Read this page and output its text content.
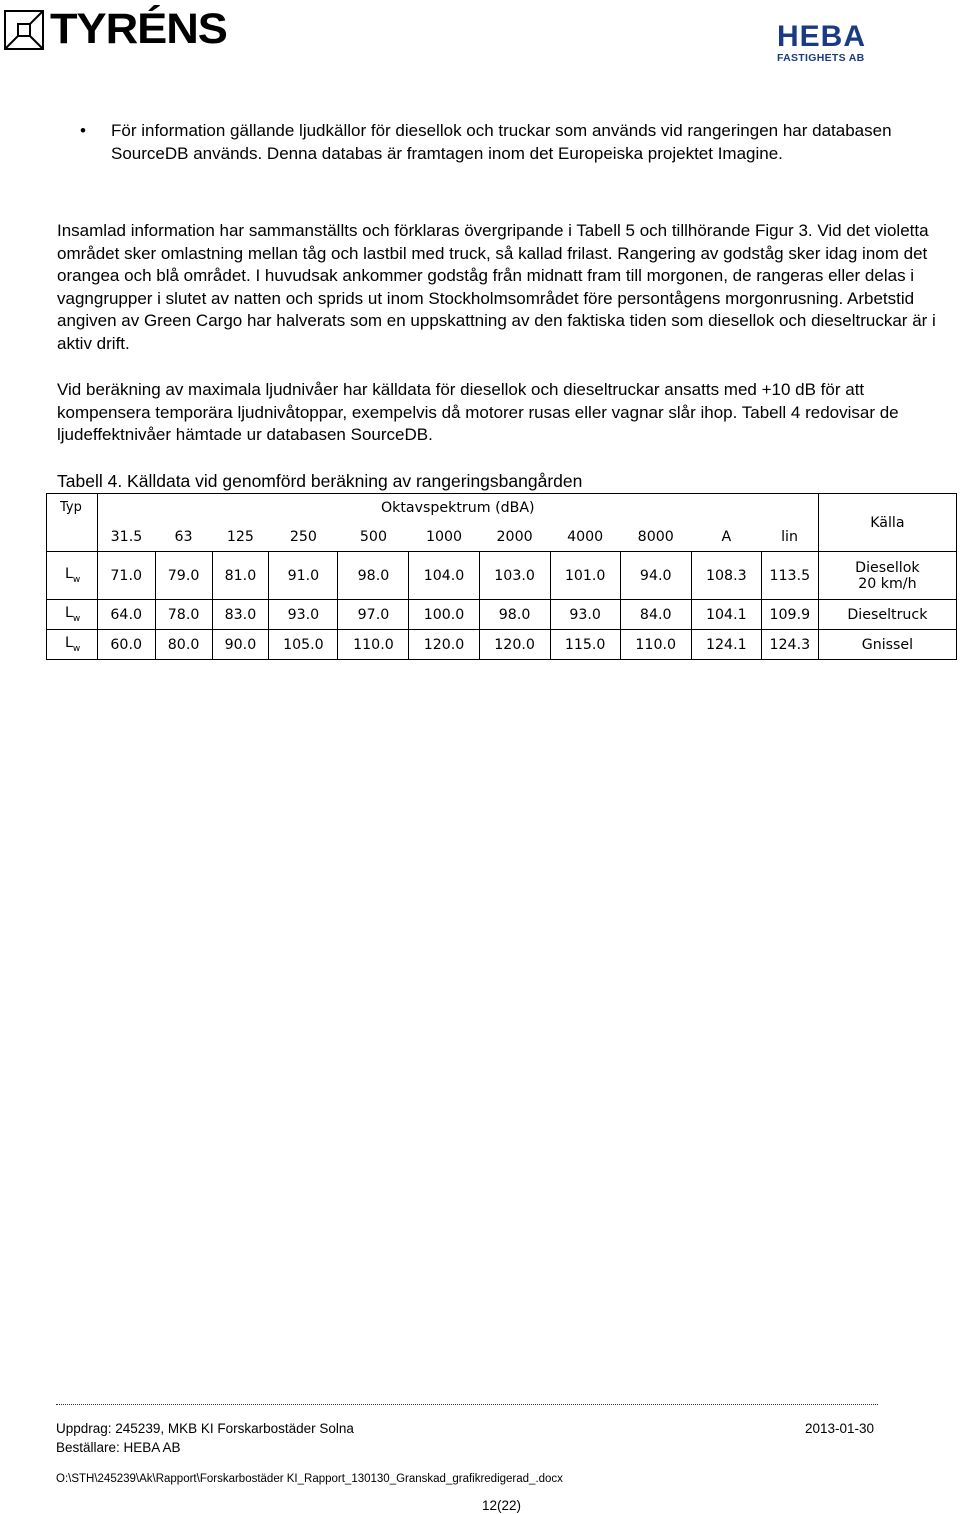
TYRÉNS	HEBA
FASTIGHETS AB
• För information gällande ljudkällor för diesellok och truckar som används vid rangeringen har databasen SourceDB används. Denna databas är framtagen inom det Europeiska projektet Imagine.
Insamlad information har sammanställts och förklaras övergripande i Tabell 5 och tillhörande Figur 3. Vid det violetta området sker omlastning mellan tåg och lastbil med truck, så kallad frilast. Rangering av godståg sker idag inom det orangea och blå området. I huvudsak ankommer godståg från midnatt fram till morgonen, de rangeras eller delas i vagngrupper i slutet av natten och sprids ut inom Stockholmsområdet före persontågens morgonrusning. Arbetstid angiven av Green Cargo har halverats som en uppskattning av den faktiska tiden som diesellok och dieseltruckar är i aktiv drift.
Vid beräkning av maximala ljudnivåer har källdata för diesellok och dieseltruckar ansatts med +10 dB för att kompensera temporära ljudnivåtoppar, exempelvis då motorer rusas eller vagnar slår ihop. Tabell 4 redovisar de ljudeffektnivåer hämtade ur databasen SourceDB.
Tabell 4. Källdata vid genomförd beräkning av rangeringsbangården
Typ	Oktavspektrum (dBA)											Källa
	31.5	63	125	250	500	1000	2000	4000	8000	A	lin	
$L_w$	71.0	79.0	81.0	91.0	98.0	104.0	103.0	101.0	94.0	108.3	113.5	Diesellok
20 km/h

$L_w$	64.0	78.0	83.0	93.0	97.0	100.0	98.0	93.0	84.0	104.1	109.9	Dieseltruck
$L_w$	60.0	80.0	90.0	105.0	110.0	120.0	120.0	115.0	110.0	124.1	124.3	Gnissel
Uppdrag: 245239, MKB KI Forskarbostäder Solna	2013-01-30
Beställare: HEBA AB
O:\STH\245239\Ak\Rapport\Forskarbostäder KI_Rapport_130130_Granskad_grafikredigerad_.docx
12(22)
